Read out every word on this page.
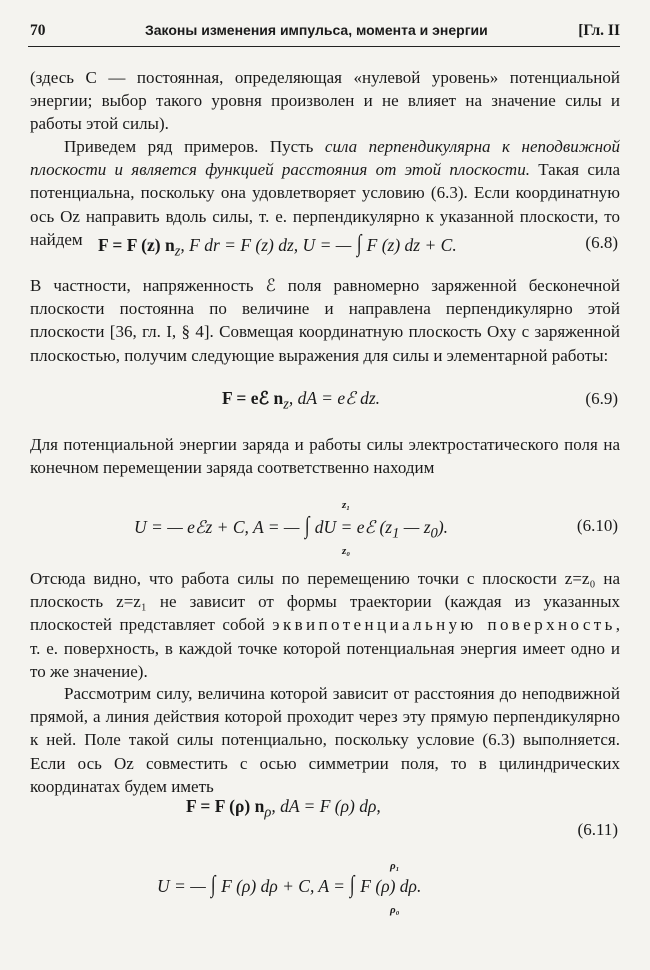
70	Законы изменения импульса, момента и энергии	[Гл. II

(здесь C — постоянная, определяющая «нулевой уровень» потенциальной энергии; выбор такого уровня произволен и не влияет на значение силы и работы этой силы).

Приведем ряд примеров. Пусть сила перпендикулярна к неподвижной плоскости и является функцией расстояния от этой плоскости. Такая сила потенциальна, поскольку она удовлетворяет условию (6.3). Если координатную ось Oz направить вдоль силы, т. е. перпендикулярно к указанной плоскости, то найдем F = F (z) $n_z$, F dr = F (z) dz, U = — ∫ F (z) dz + C.	(6.8)

В частности, напряженность ℰ поля равномерно заряженной бесконечной плоскости постоянна по величине и направлена перпендикулярно этой плоскости [36, гл. I, § 4]. Совмещая координатную плоскость Oxy с заряженной плоскостью, получим следующие выражения для силы и элементарной работы:

F = eℰ $n_z$, dA = eℰ dz.	(6.9)

Для потенциальной энергии заряда и работы силы электростатического поля на конечном перемещении заряда соответственно находим

U = — eℰz + C, A = — ∫ dU = eℰ ($z_1$ — $z_0$).
z₁
z₀
(6.10)

Отсюда видно, что работа силы по перемещению точки с плоскости z=z₀ на плоскость z=z₁ не зависит от формы траектории (каждая из указанных плоскостей представляет собой эквипотенциальную поверхность, т. е. поверхность, в каждой точке которой потенциальная энергия имеет одно и то же значение).

Рассмотрим силу, величина которой зависит от расстояния до неподвижной прямой, а линия действия которой проходит через эту прямую перпендикулярно к ней. Поле такой силы потенциально, поскольку условие (6.3) выполняется. Если ось Oz совместить с осью симметрии поля, то в цилиндрических координатах будем иметь

F = F (ρ) $n_\rho$, dA = F (ρ) dρ,
(6.11)
U = — ∫ F (ρ) dρ + C, A = ∫ F (ρ) dρ.
ρ₁
ρ₀
